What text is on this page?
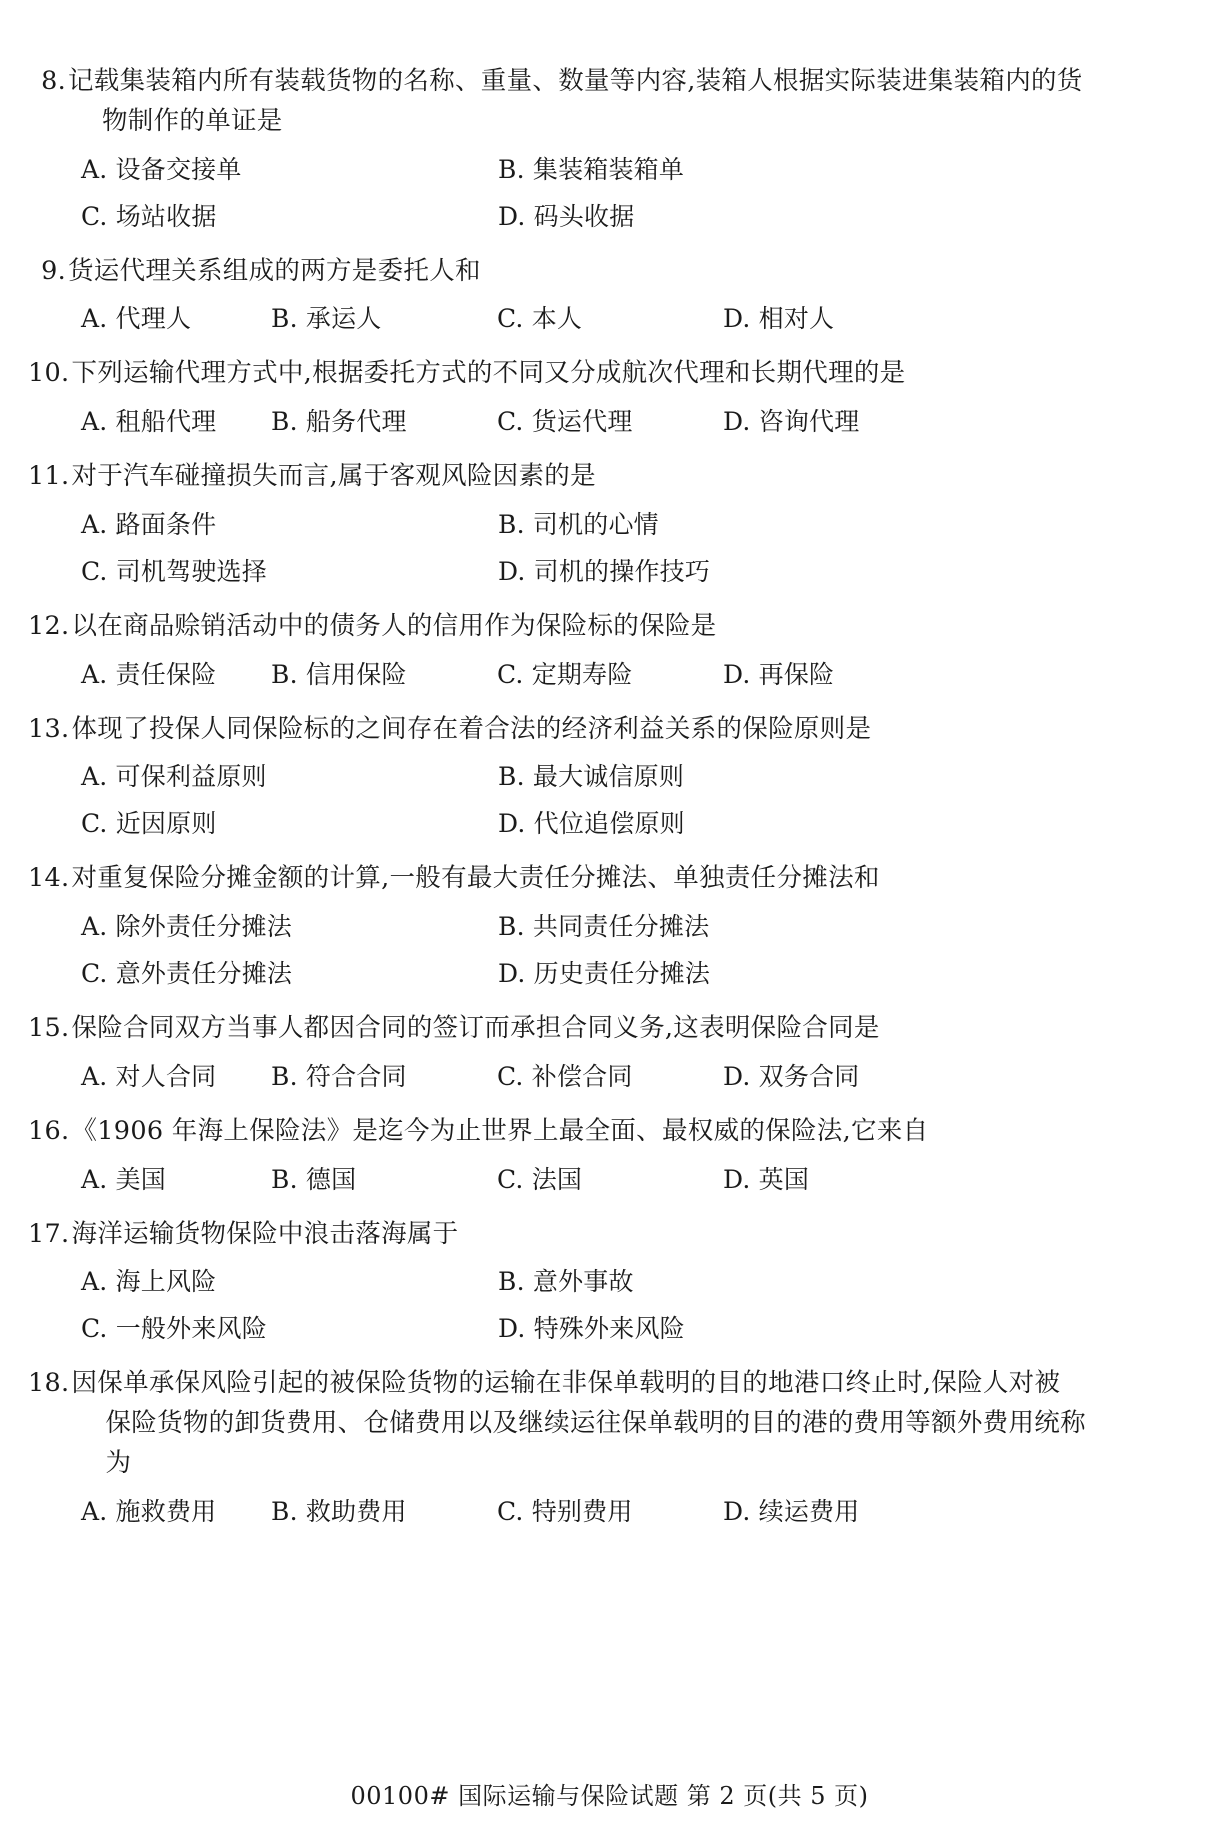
8. 记载集装箱内所有装载货物的名称、重量、数量等内容,装箱人根据实际装进集装箱内的货
物制作的单证是
A. 设备交接单	B. 集装箱装箱单
C. 场站收据	D. 码头收据
9. 货运代理关系组成的两方是委托人和
A. 代理人	B. 承运人	C. 本人	D. 相对人
10. 下列运输代理方式中,根据委托方式的不同又分成航次代理和长期代理的是
A. 租船代理	B. 船务代理	C. 货运代理	D. 咨询代理
11. 对于汽车碰撞损失而言,属于客观风险因素的是
A. 路面条件	B. 司机的心情
C. 司机驾驶选择	D. 司机的操作技巧
12. 以在商品赊销活动中的债务人的信用作为保险标的保险是
A. 责任保险	B. 信用保险	C. 定期寿险	D. 再保险
13. 体现了投保人同保险标的之间存在着合法的经济利益关系的保险原则是
A. 可保利益原则	B. 最大诚信原则
C. 近因原则	D. 代位追偿原则
14. 对重复保险分摊金额的计算,一般有最大责任分摊法、单独责任分摊法和
A. 除外责任分摊法	B. 共同责任分摊法
C. 意外责任分摊法	D. 历史责任分摊法
15. 保险合同双方当事人都因合同的签订而承担合同义务,这表明保险合同是
A. 对人合同	B. 符合合同	C. 补偿合同	D. 双务合同
16. 《1906 年海上保险法》是迄今为止世界上最全面、最权威的保险法,它来自
A. 美国	B. 德国	C. 法国	D. 英国
17. 海洋运输货物保险中浪击落海属于
A. 海上风险	B. 意外事故
C. 一般外来风险	D. 特殊外来风险
18. 因保单承保风险引起的被保险货物的运输在非保单载明的目的地港口终止时,保险人对被
保险货物的卸货费用、仓储费用以及继续运往保单载明的目的港的费用等额外费用统称为
A. 施救费用	B. 救助费用	C. 特别费用	D. 续运费用
00100# 国际运输与保险试题 第 2 页(共 5 页)
